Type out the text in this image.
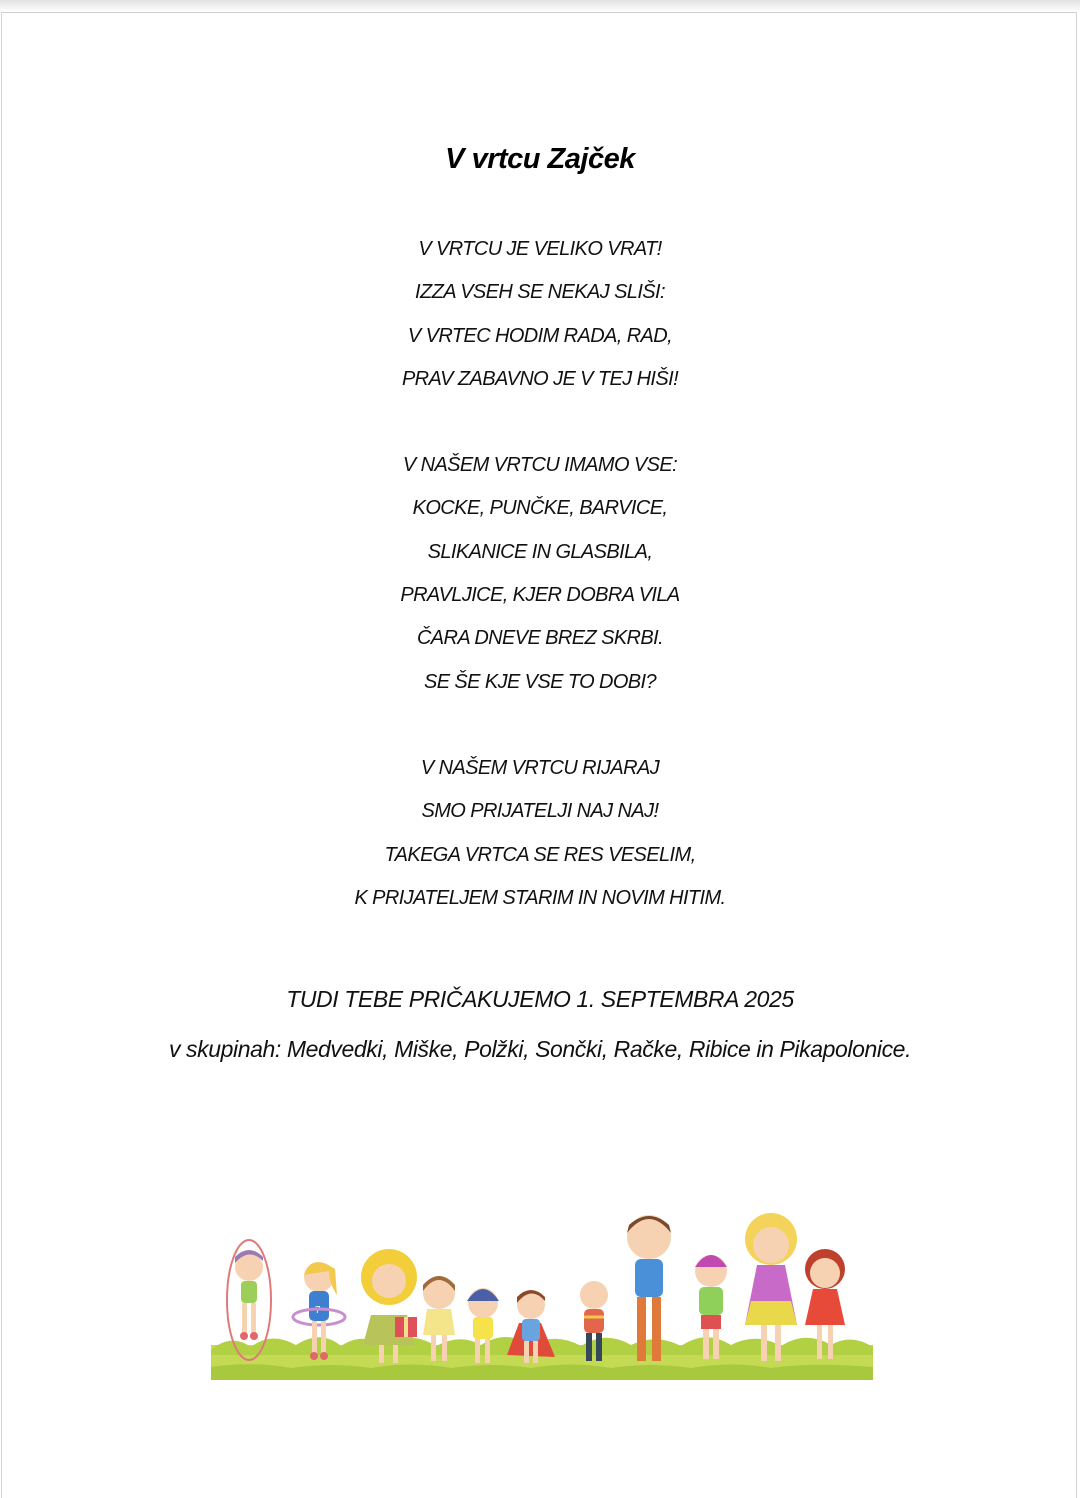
V vrtcu Zajček
V VRTCU JE VELIKO VRAT!
IZZA VSEH SE NEKAJ SLIŠI:
V VRTEC HODIM RADA, RAD,
PRAV ZABAVNO JE V TEJ HIŠI!
V NAŠEM VRTCU IMAMO VSE:
KOCKE, PUNČKE, BARVICE,
SLIKANICE IN GLASBILA,
PRAVLJICE, KJER DOBRA VILA
ČARA DNEVE BREZ SKRBI.
SE ŠE KJE VSE TO DOBI?
V NAŠEM VRTCU RIJARAJ
SMO PRIJATELJI NAJ NAJ!
TAKEGA VRTCA SE RES VESELIM,
K PRIJATELJEM STARIM IN NOVIM HITIM.
TUDI TEBE PRIČAKUJEMO 1. SEPTEMBRA 2025
v skupinah: Medvedki, Miške, Polžki, Sončki, Račke, Ribice in Pikapolonice.
7
